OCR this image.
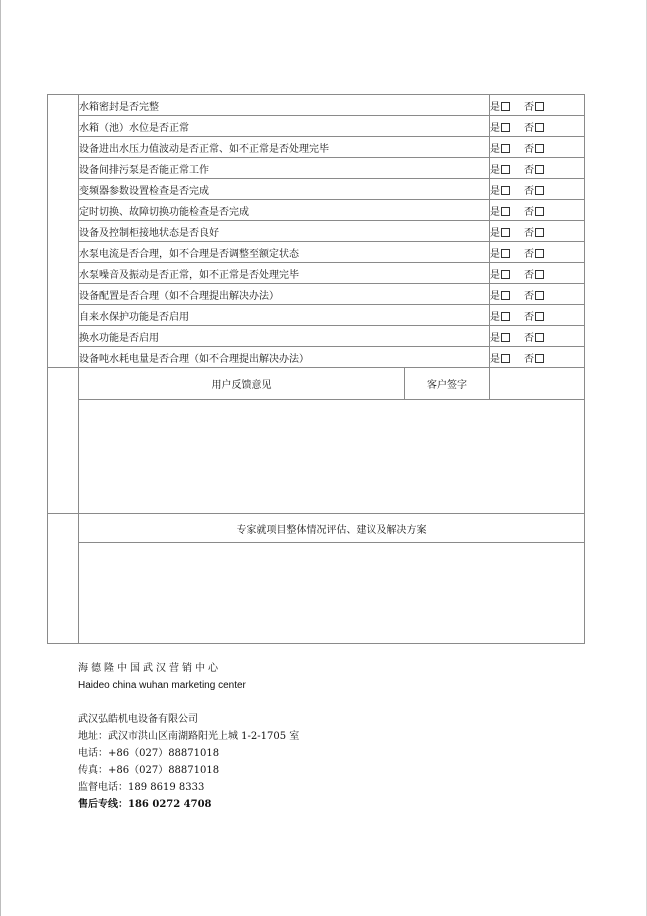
	水箱密封是否完整		是 否
	水箱（池）水位是否正常		是 否
	设备进出水压力值波动是否正常、如不正常是否处理完毕		是 否
	设备间排污泵是否能正常工作		是 否
	变频器参数设置检查是否完成		是 否
	定时切换、故障切换功能检查是否完成		是 否
	设备及控制柜接地状态是否良好		是 否
	水泵电流是否合理，如不合理是否调整至额定状态		是 否
	水泵噪音及振动是否正常，如不正常是否处理完毕		是 否
	设备配置是否合理（如不合理提出解决办法）		是 否
	自来水保护功能是否启用		是 否
	换水功能是否启用		是 否
	设备吨水耗电量是否合理（如不合理提出解决办法）		是 否
	用户反馈意见	客户签字	

	专家就项目整体情况评估、建议及解决方案		

海德隆中国武汉营销中心
Haideo china wuhan marketing center
武汉弘皓机电设备有限公司
地址：武汉市洪山区南湖路阳光上城 1-2-1705 室
电话：+86（027）88871018
传真：+86（027）88871018
监督电话：189 8619 8333
售后专线：186 0272 4708
